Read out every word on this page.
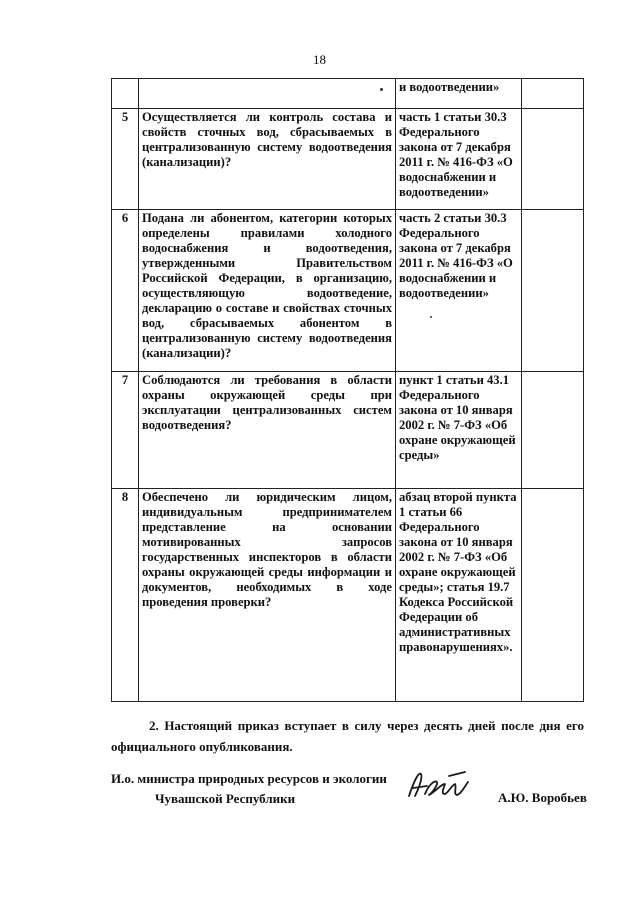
18

		и водоотведении»	

5	Осуществляется ли контроль состава и свойств сточных вод, сбрасываемых в централизованную систему водоотведения (канализации)?	часть 1 статьи 30.3 Федерального закона от 7 декабря 2011 г. № 416-ФЗ «О водоснабжении и водоотведении»	

6	Подана ли абонентом, категории которых определены правилами холодного водоснабжения и водоотведения, утвержденными Правительством Российской Федерации, в организацию, осуществляющую водоотведение, декларацию о составе и свойствах сточных вод, сбрасываемых абонентом в централизованную систему водоотведения (канализации)?	часть 2 статьи 30.3 Федерального закона от 7 декабря 2011 г. № 416-ФЗ «О водоснабжении и водоотведении»	

7	Соблюдаются ли требования в области охраны окружающей среды при эксплуатации централизованных систем водоотведения?	пункт 1 статьи 43.1 Федерального закона от 10 января 2002 г. № 7-ФЗ «Об охране окружающей среды»	

8	Обеспечено ли юридическим лицом, индивидуальным предпринимателем представление на основании мотивированных запросов государственных инспекторов в области охраны окружающей среды информации и документов, необходимых в ходе проведения проверки?	абзац второй пункта 1 статьи 66 Федерального закона от 10 января 2002 г. № 7-ФЗ «Об охране окружающей среды»; статья 19.7 Кодекса Российской Федерации об административных правонарушениях».	

2. Настоящий приказ вступает в силу через десять дней после дня его официального опубликования.
И.о. министра природных ресурсов и экологии
Чувашской Республики	А.Ю. Воробьев
